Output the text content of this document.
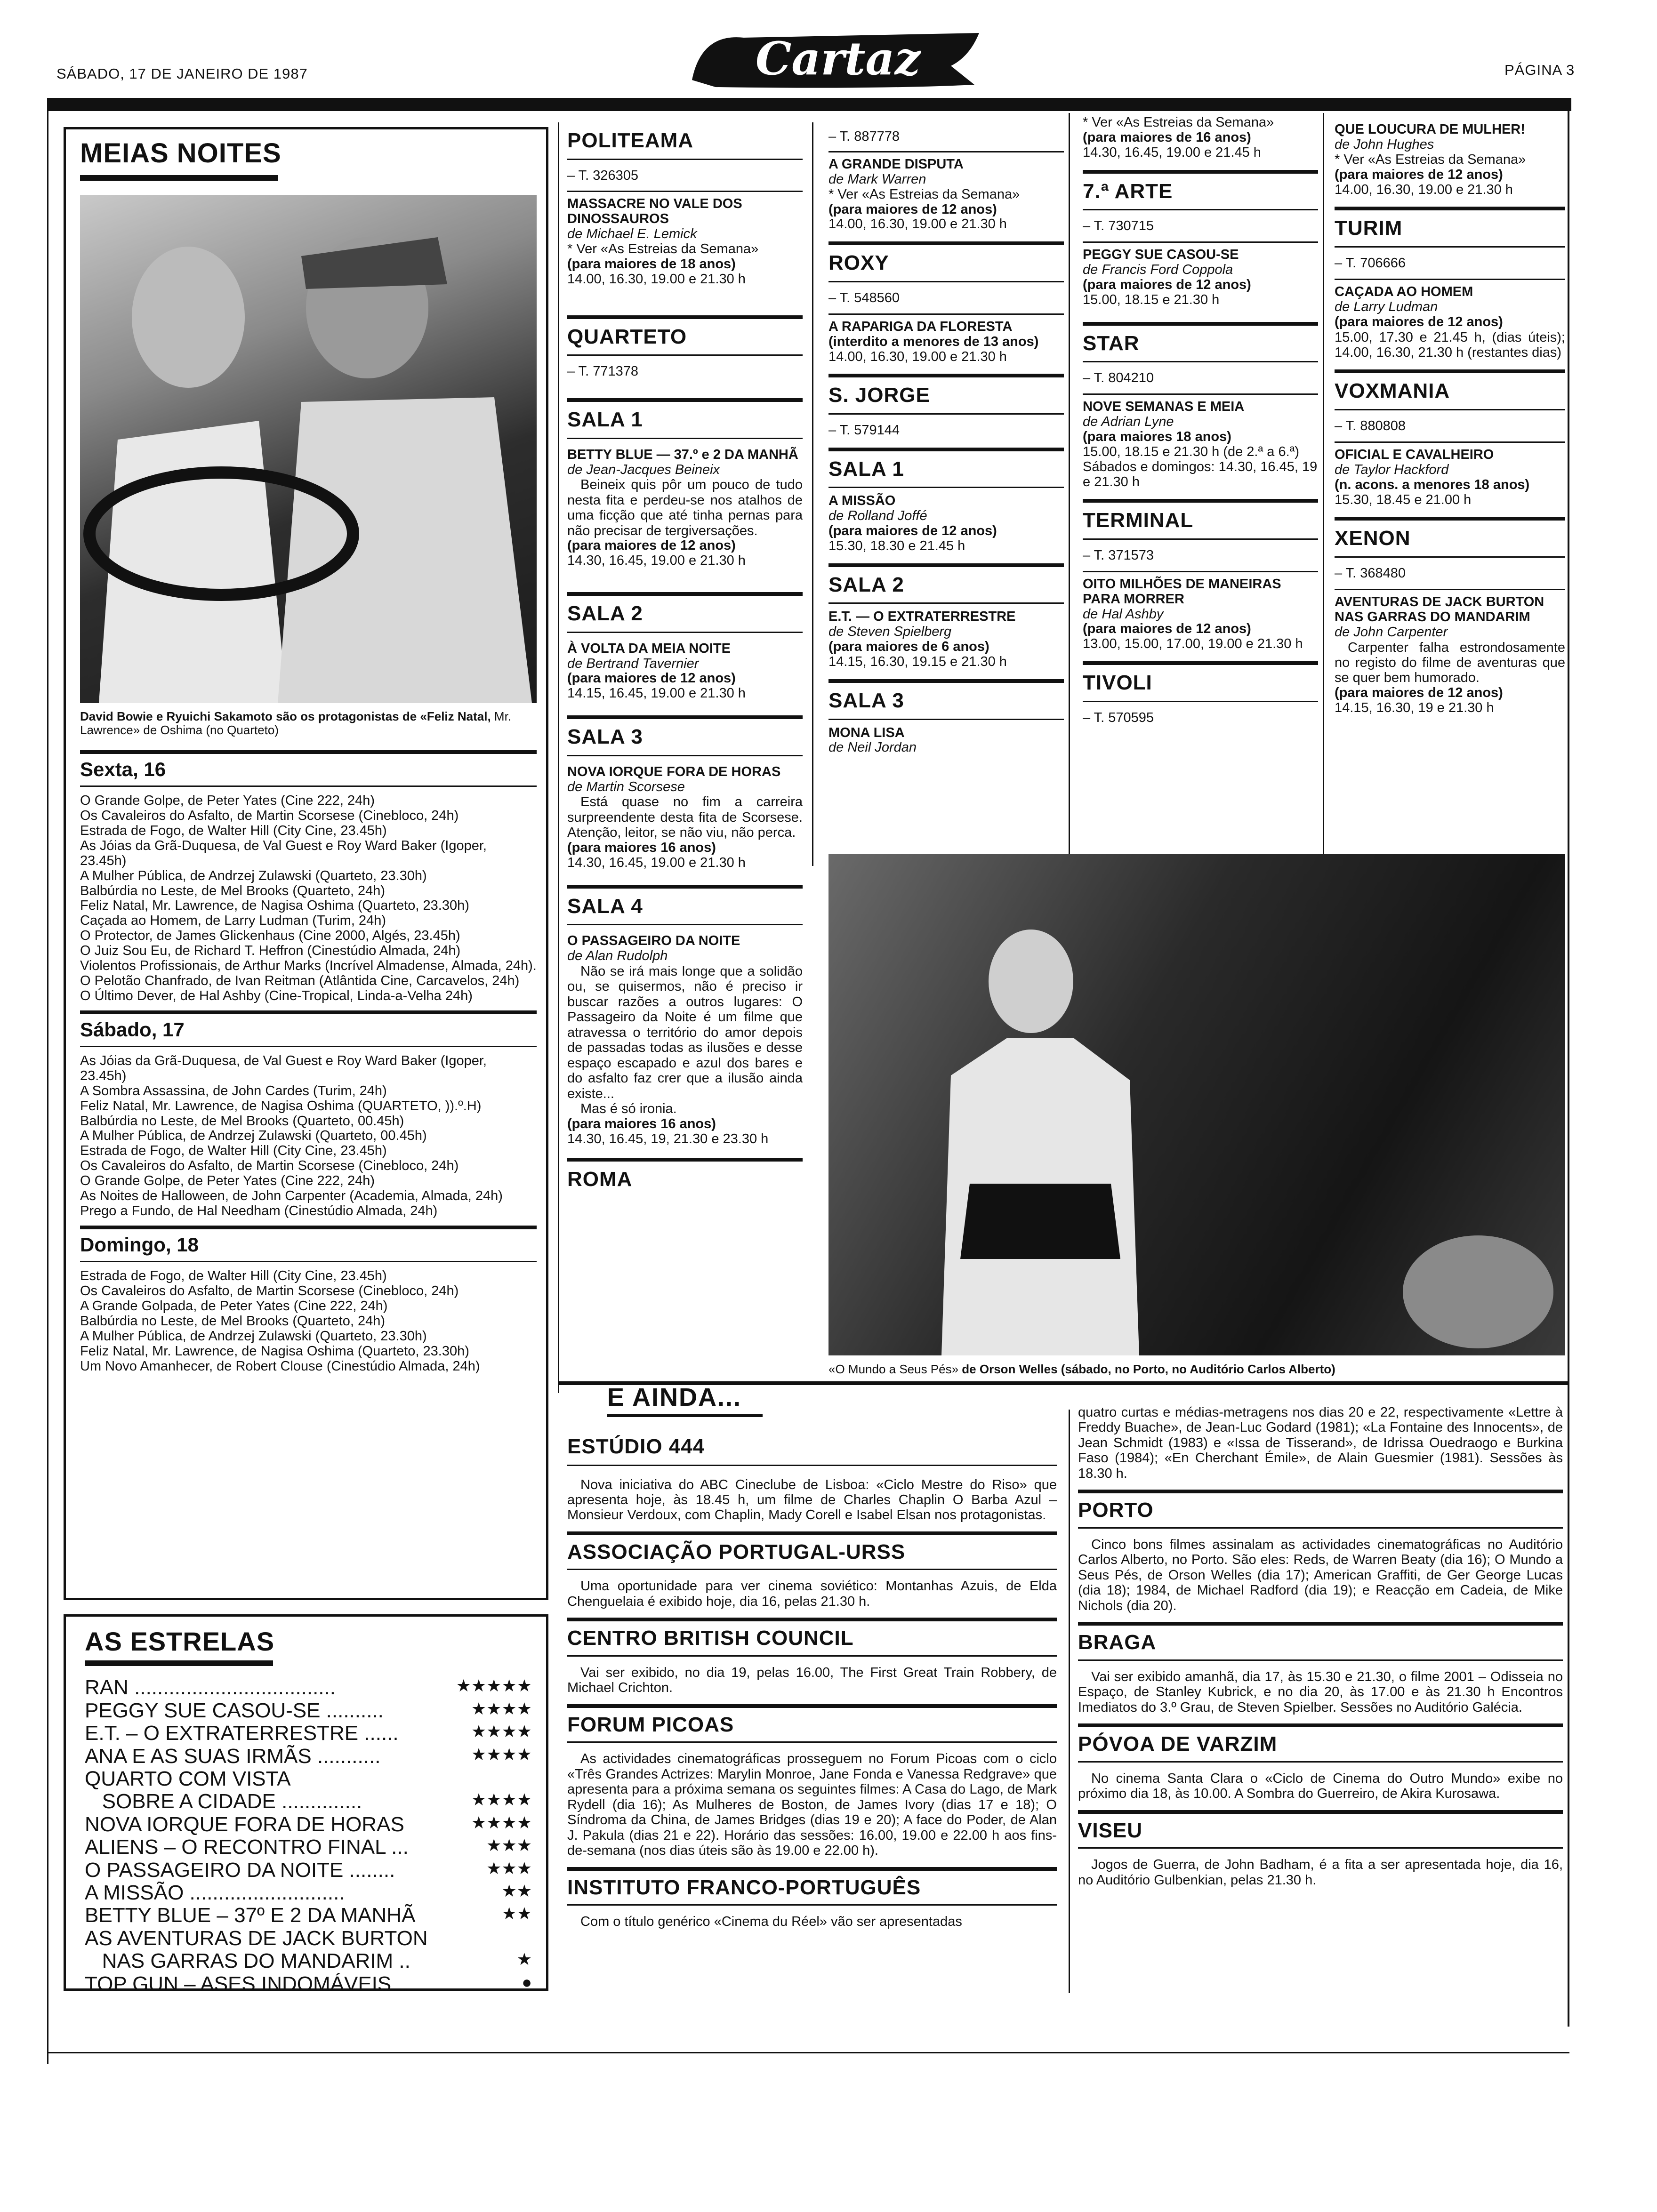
SÁBADO, 17 DE JANEIRO DE 1987	Cartaz	PÁGINA 3
MEIAS NOITES
David Bowie e Ryuichi Sakamoto são os protagonistas de «Feliz Natal, Mr. Lawrence» de Oshima (no Quarteto)
Sexta, 16

O Grande Golpe, de Peter Yates (Cine 222, 24h)

Os Cavaleiros do Asfalto, de Martin Scorsese (Cinebloco, 24h)

Estrada de Fogo, de Walter Hill (City Cine, 23.45h)

As Jóias da Grã-Duquesa, de Val Guest e Roy Ward Baker (Igoper, 23.45h)

A Mulher Pública, de Andrzej Zulawski (Quarteto, 23.30h)

Balbúrdia no Leste, de Mel Brooks (Quarteto, 24h)

Feliz Natal, Mr. Lawrence, de Nagisa Oshima (Quarteto, 23.30h)

Caçada ao Homem, de Larry Ludman (Turim, 24h)

O Protector, de James Glickenhaus (Cine 2000, Algés, 23.45h)

O Juiz Sou Eu, de Richard T. Heffron (Cinestúdio Almada, 24h)

Violentos Profissionais, de Arthur Marks (Incrível Almadense, Almada, 24h).

O Pelotão Chanfrado, de Ivan Reitman (Atlântida Cine, Carcavelos, 24h)

O Último Dever, de Hal Ashby (Cine-Tropical, Linda-a-Velha 24h)

Sábado, 17

As Jóias da Grã-Duquesa, de Val Guest e Roy Ward Baker (Igoper, 23.45h)

A Sombra Assassina, de John Cardes (Turim, 24h)

Feliz Natal, Mr. Lawrence, de Nagisa Oshima (QUARTETO, )).º.H)

Balbúrdia no Leste, de Mel Brooks (Quarteto, 00.45h)

A Mulher Pública, de Andrzej Zulawski (Quarteto, 00.45h)

Estrada de Fogo, de Walter Hill (City Cine, 23.45h)

Os Cavaleiros do Asfalto, de Martin Scorsese (Cinebloco, 24h)

O Grande Golpe, de Peter Yates (Cine 222, 24h)

As Noites de Halloween, de John Carpenter (Academia, Almada, 24h)

Prego a Fundo, de Hal Needham (Cinestúdio Almada, 24h)

Domingo, 18

Estrada de Fogo, de Walter Hill (City Cine, 23.45h)

Os Cavaleiros do Asfalto, de Martin Scorsese (Cinebloco, 24h)

A Grande Golpada, de Peter Yates (Cine 222, 24h)

Balbúrdia no Leste, de Mel Brooks (Quarteto, 24h)

A Mulher Pública, de Andrzej Zulawski (Quarteto, 23.30h)

Feliz Natal, Mr. Lawrence, de Nagisa Oshima (Quarteto, 23.30h)

Um Novo Amanhecer, de Robert Clouse (Cinestúdio Almada, 24h)

AS ESTRELAS
RAN ...................................	★★★★★
PEGGY SUE CASOU-SE ..........	★★★★
E.T. – O EXTRATERRESTRE ......	★★★★
ANA E AS SUAS IRMÃS ...........	★★★★
QUARTO COM VISTA
SOBRE A CIDADE ..............	★★★★
NOVA IORQUE FORA DE HORAS	★★★★
ALIENS – O RECONTRO FINAL ...	★★★
O PASSAGEIRO DA NOITE ........	★★★
A MISSÃO ...........................	★★
BETTY BLUE – 37º E 2 DA MANHÃ	★★
AS AVENTURAS DE JACK BURTON
NAS GARRAS DO MANDARIM ..	★
TOP GUN – ASES INDOMÁVEIS ..	●
POLITEAMA
– T. 326305
MASSACRE NO VALE DOS DINOSSAUROS
de Michael E. Lemick
* Ver «As Estreias da Semana»
(para maiores de 18 anos)
14.00, 16.30, 19.00 e 21.30 h
QUARTETO
– T. 771378
SALA 1
BETTY BLUE — 37.º e 2 DA MANHÃ
de Jean-Jacques Beineix
Beineix quis pôr um pouco de tudo nesta fita e perdeu-se nos atalhos de uma ficção que até tinha pernas para não precisar de tergiversações.
(para maiores de 12 anos)
14.30, 16.45, 19.00 e 21.30 h
SALA 2
À VOLTA DA MEIA NOITE
de Bertrand Tavernier
(para maiores de 12 anos)
14.15, 16.45, 19.00 e 21.30 h
SALA 3
NOVA IORQUE FORA DE HORAS
de Martin Scorsese
Está quase no fim a carreira surpreendente desta fita de Scorsese. Atenção, leitor, se não viu, não perca.
(para maiores 16 anos)
14.30, 16.45, 19.00 e 21.30 h
SALA 4
O PASSAGEIRO DA NOITE
de Alan Rudolph
Não se irá mais longe que a solidão ou, se quisermos, não é preciso ir buscar razões a outros lugares: O Passageiro da Noite é um filme que atravessa o território do amor depois de passadas todas as ilusões e desse espaço escapado e azul dos bares e do asfalto faz crer que a ilusão ainda existe...
Mas é só ironia.
(para maiores 16 anos)
14.30, 16.45, 19, 21.30 e 23.30 h
ROMA
– T. 887778
A GRANDE DISPUTA
de Mark Warren
* Ver «As Estreias da Semana»
(para maiores de 12 anos)
14.00, 16.30, 19.00 e 21.30 h
ROXY
– T. 548560
A RAPARIGA DA FLORESTA
(interdito a menores de 13 anos)
14.00, 16.30, 19.00 e 21.30 h
S. JORGE
– T. 579144
SALA 1
A MISSÃO
de Rolland Joffé
(para maiores de 12 anos)
15.30, 18.30 e 21.45 h
SALA 2
E.T. — O EXTRATERRESTRE
de Steven Spielberg
(para maiores de 6 anos)
14.15, 16.30, 19.15 e 21.30 h
SALA 3
MONA LISA
de Neil Jordan
* Ver «As Estreias da Semana»
(para maiores de 16 anos)
14.30, 16.45, 19.00 e 21.45 h
7.ª ARTE
– T. 730715
PEGGY SUE CASOU-SE
de Francis Ford Coppola
(para maiores de 12 anos)
15.00, 18.15 e 21.30 h
STAR
– T. 804210
NOVE SEMANAS E MEIA
de Adrian Lyne
(para maiores 18 anos)
15.00, 18.15 e 21.30 h (de 2.ª a 6.ª)
Sábados e domingos: 14.30, 16.45, 19 e 21.30 h
TERMINAL
– T. 371573
OITO MILHÕES DE MANEIRAS PARA MORRER
de Hal Ashby
(para maiores de 12 anos)
13.00, 15.00, 17.00, 19.00 e 21.30 h
TIVOLI
– T. 570595
QUE LOUCURA DE MULHER!
de John Hughes
* Ver «As Estreias da Semana»
(para maiores de 12 anos)
14.00, 16.30, 19.00 e 21.30 h
TURIM
– T. 706666
CAÇADA AO HOMEM
de Larry Ludman
(para maiores de 12 anos)
15.00, 17.30 e 21.45 h, (dias úteis); 14.00, 16.30, 21.30 h (restantes dias)
VOXMANIA
– T. 880808
OFICIAL E CAVALHEIRO
de Taylor Hackford
(n. acons. a menores 18 anos)
15.30, 18.45 e 21.00 h
XENON
– T. 368480
AVENTURAS DE JACK BURTON NAS GARRAS DO MANDARIM
de John Carpenter
Carpenter falha estrondosamente no registo do filme de aventuras que se quer bem humorado.
(para maiores de 12 anos)
14.15, 16.30, 19 e 21.30 h
«O Mundo a Seus Pés» de Orson Welles (sábado, no Porto, no Auditório Carlos Alberto)
E AINDA...
ESTÚDIO 444
Nova iniciativa do ABC Cineclube de Lisboa: «Ciclo Mestre do Riso» que apresenta hoje, às 18.45 h, um filme de Charles Chaplin O Barba Azul – Monsieur Verdoux, com Chaplin, Mady Corell e Isabel Elsan nos protagonistas.
ASSOCIAÇÃO PORTUGAL-URSS
Uma oportunidade para ver cinema soviético: Montanhas Azuis, de Elda Chenguelaia é exibido hoje, dia 16, pelas 21.30 h.
CENTRO BRITISH COUNCIL
Vai ser exibido, no dia 19, pelas 16.00, The First Great Train Robbery, de Michael Crichton.
FORUM PICOAS
As actividades cinematográficas prosseguem no Forum Picoas com o ciclo «Três Grandes Actrizes: Marylin Monroe, Jane Fonda e Vanessa Redgrave» que apresenta para a próxima semana os seguintes filmes: A Casa do Lago, de Mark Rydell (dia 16); As Mulheres de Boston, de James Ivory (dias 17 e 18); O Síndroma da China, de James Bridges (dias 19 e 20); A face do Poder, de Alan J. Pakula (dias 21 e 22). Horário das sessões: 16.00, 19.00 e 22.00 h aos fins-de-semana (nos dias úteis são às 19.00 e 22.00 h).
INSTITUTO FRANCO-PORTUGUÊS
Com o título genérico «Cinema du Réel» vão ser apresentadas
quatro curtas e médias-metragens nos dias 20 e 22, respectivamente «Lettre à Freddy Buache», de Jean-Luc Godard (1981); «La Fontaine des Innocents», de Jean Schmidt (1983) e «Issa de Tisserand», de Idrissa Ouedraogo e Burkina Faso (1984); «En Cherchant Émile», de Alain Guesmier (1981). Sessões às 18.30 h.
PORTO
Cinco bons filmes assinalam as actividades cinematográficas no Auditório Carlos Alberto, no Porto. São eles: Reds, de Warren Beaty (dia 16); O Mundo a Seus Pés, de Orson Welles (dia 17); American Graffiti, de Ger George Lucas (dia 18); 1984, de Michael Radford (dia 19); e Reacção em Cadeia, de Mike Nichols (dia 20).
BRAGA
Vai ser exibido amanhã, dia 17, às 15.30 e 21.30, o filme 2001 – Odisseia no Espaço, de Stanley Kubrick, e no dia 20, às 17.00 e às 21.30 h Encontros Imediatos do 3.º Grau, de Steven Spielber. Sessões no Auditório Galécia.
PÓVOA DE VARZIM
No cinema Santa Clara o «Ciclo de Cinema do Outro Mundo» exibe no próximo dia 18, às 10.00. A Sombra do Guerreiro, de Akira Kurosawa.
VISEU
Jogos de Guerra, de John Badham, é a fita a ser apresentada hoje, dia 16, no Auditório Gulbenkian, pelas 21.30 h.
